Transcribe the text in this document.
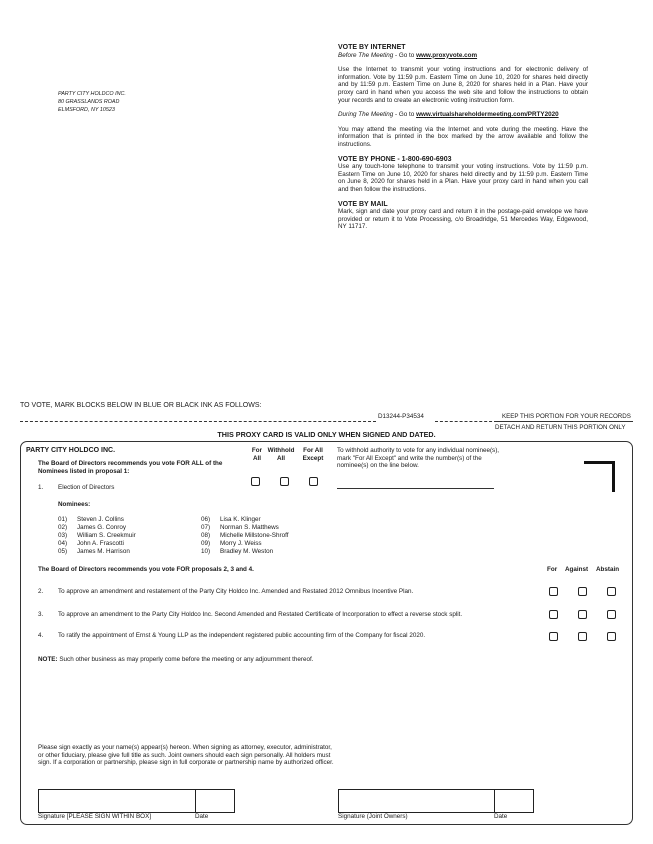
PARTY CITY HOLDCO INC.
80 GRASSLANDS ROAD
ELMSFORD, NY 10523
VOTE BY INTERNET
Before The Meeting - Go to www.proxyvote.com
Use the Internet to transmit your voting instructions and for electronic delivery of information. Vote by 11:59 p.m. Eastern Time on June 10, 2020 for shares held directly and by 11:59 p.m. Eastern Time on June 8, 2020 for shares held in a Plan. Have your proxy card in hand when you access the web site and follow the instructions to obtain your records and to create an electronic voting instruction form.
During The Meeting - Go to www.virtualshareholdermeeting.com/PRTY2020
You may attend the meeting via the Internet and vote during the meeting. Have the information that is printed in the box marked by the arrow available and follow the instructions.
VOTE BY PHONE - 1-800-690-6903
Use any touch-tone telephone to transmit your voting instructions. Vote by 11:59 p.m. Eastern Time on June 10, 2020 for shares held directly and by 11:59 p.m. Eastern Time on June 8, 2020 for shares held in a Plan. Have your proxy card in hand when you call and then follow the instructions.
VOTE BY MAIL
Mark, sign and date your proxy card and return it in the postage-paid envelope we have provided or return it to Vote Processing, c/o Broadridge, 51 Mercedes Way, Edgewood, NY 11717.
TO VOTE, MARK BLOCKS BELOW IN BLUE OR BLACK INK AS FOLLOWS:
D13244-P34534	KEEP THIS PORTION FOR YOUR RECORDS
DETACH AND RETURN THIS PORTION ONLY
THIS PROXY CARD IS VALID ONLY WHEN SIGNED AND DATED.
PARTY CITY HOLDCO INC.
The Board of Directors recommends you vote FOR ALL of the Nominees listed in proposal 1:
For All
Withhold All
For All Except
To withhold authority to vote for any individual nominee(s), mark "For All Except" and write the number(s) of the nominee(s) on the line below.
1. Election of Directors
Nominees:
01) Steven J. Collins
02) James G. Conroy
03) William S. Creekmuir
04) John A. Frascotti
05) James M. Harrison
06) Lisa K. Klinger
07) Norman S. Matthews
08) Michelle Millstone-Shroff
09) Morry J. Weiss
10) Bradley M. Weston
The Board of Directors recommends you vote FOR proposals 2, 3 and 4.	For Against Abstain
2. To approve an amendment and restatement of the Party City Holdco Inc. Amended and Restated 2012 Omnibus Incentive Plan.
3. To approve an amendment to the Party City Holdco Inc. Second Amended and Restated Certificate of Incorporation to effect a reverse stock split.
4. To ratify the appointment of Ernst & Young LLP as the independent registered public accounting firm of the Company for fiscal 2020.
NOTE: Such other business as may properly come before the meeting or any adjournment thereof.
Please sign exactly as your name(s) appear(s) hereon. When signing as attorney, executor, administrator, or other fiduciary, please give full title as such. Joint owners should each sign personally. All holders must sign. If a corporation or partnership, please sign in full corporate or partnership name by authorized officer.
Signature [PLEASE SIGN WITHIN BOX]	Date	Signature (Joint Owners)	Date
